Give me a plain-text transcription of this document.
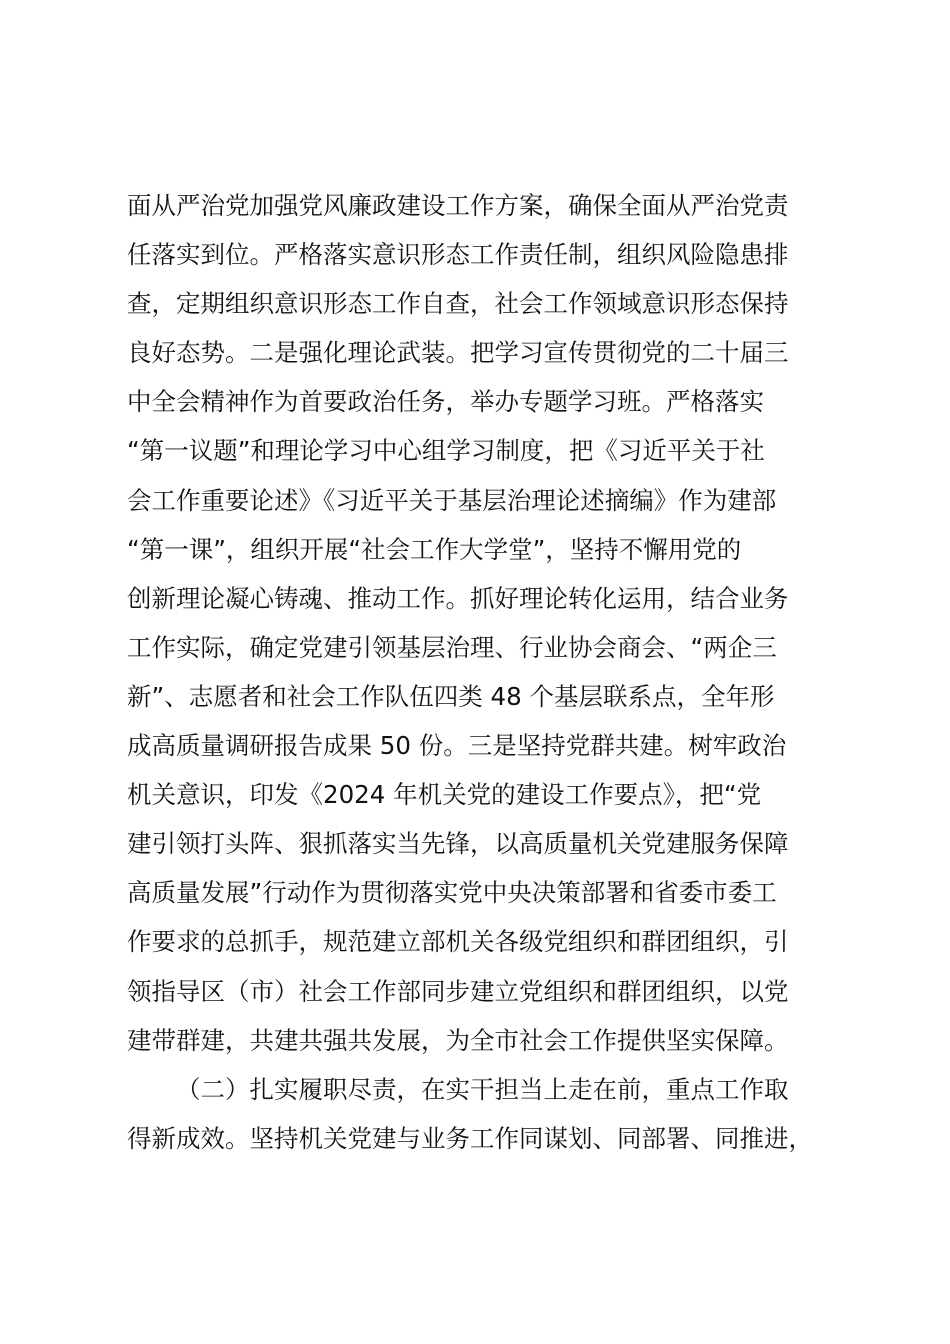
面从严治党加强党风廉政建设工作方案，确保全面从严治党责
任落实到位。严格落实意识形态工作责任制，组织风险隐患排
查，定期组织意识形态工作自查，社会工作领域意识形态保持
良好态势。二是强化理论武装。把学习宣传贯彻党的二十届三
中全会精神作为首要政治任务，举办专题学习班。严格落实
“第一议题”和理论学习中心组学习制度，把《习近平关于社
会工作重要论述》《习近平关于基层治理论述摘编》作为建部
“第一课”，组织开展“社会工作大学堂”，坚持不懈用党的
创新理论凝心铸魂、推动工作。抓好理论转化运用，结合业务
工作实际，确定党建引领基层治理、行业协会商会、“两企三
新”、志愿者和社会工作队伍四类 48 个基层联系点，全年形
成高质量调研报告成果 50 份。三是坚持党群共建。树牢政治
机关意识，印发《2024 年机关党的建设工作要点》，把“党
建引领打头阵、狠抓落实当先锋，以高质量机关党建服务保障
高质量发展”行动作为贯彻落实党中央决策部署和省委市委工
作要求的总抓手，规范建立部机关各级党组织和群团组织，引
领指导区（市）社会工作部同步建立党组织和群团组织，以党
建带群建，共建共强共发展，为全市社会工作提供坚实保障。
（二）扎实履职尽责，在实干担当上走在前，重点工作取
得新成效。坚持机关党建与业务工作同谋划、同部署、同推进，
